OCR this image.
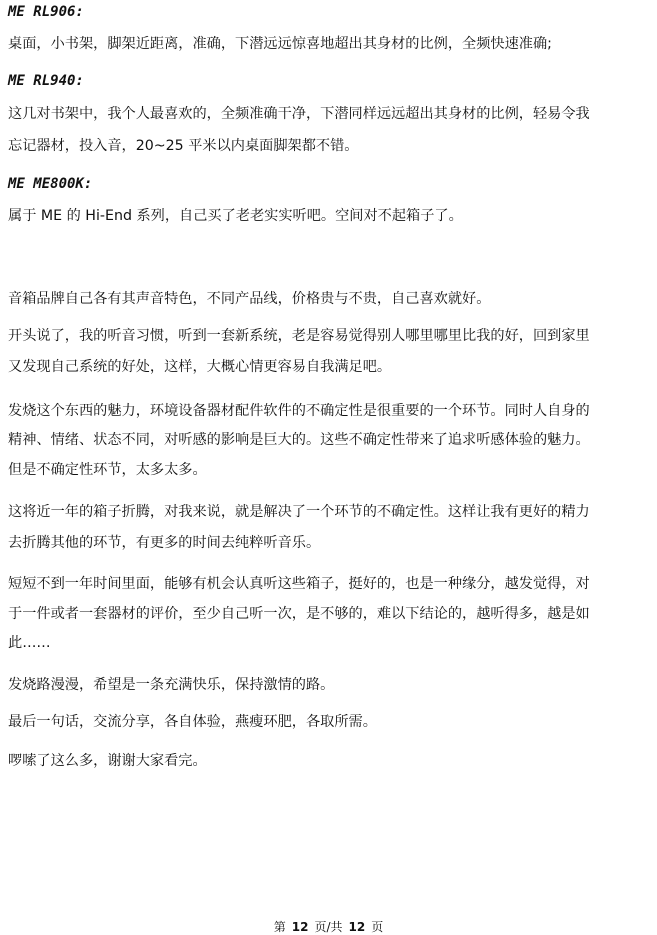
ME RL906:
桌面，小书架，脚架近距离，准确，下潜远远惊喜地超出其身材的比例，全频快速准确;
ME RL940:
这几对书架中，我个人最喜欢的，全频准确干净，下潜同样远远超出其身材的比例，轻易令我
忘记器材，投入音，20~25 平米以内桌面脚架都不错。
ME ME800K:
属于 ME 的 Hi-End 系列，自己买了老老实实听吧。空间对不起箱子了。
音箱品牌自己各有其声音特色，不同产品线，价格贵与不贵，自己喜欢就好。
开头说了，我的听音习惯，听到一套新系统，老是容易觉得别人哪里哪里比我的好，回到家里
又发现自己系统的好处，这样，大概心情更容易自我满足吧。
发烧这个东西的魅力，环境设备器材配件软件的不确定性是很重要的一个环节。同时人自身的
精神、情绪、状态不同，对听感的影响是巨大的。这些不确定性带来了追求听感体验的魅力。
但是不确定性环节，太多太多。
这将近一年的箱子折腾，对我来说，就是解决了一个环节的不确定性。这样让我有更好的精力
去折腾其他的环节，有更多的时间去纯粹听音乐。
短短不到一年时间里面，能够有机会认真听这些箱子，挺好的，也是一种缘分，越发觉得，对
于一件或者一套器材的评价，至少自己听一次，是不够的，难以下结论的，越听得多，越是如
此……
发烧路漫漫，希望是一条充满快乐，保持激情的路。
最后一句话，交流分享，各自体验，燕瘦环肥，各取所需。
啰嗦了这么多，谢谢大家看完。
第 12 页/共 12 页
